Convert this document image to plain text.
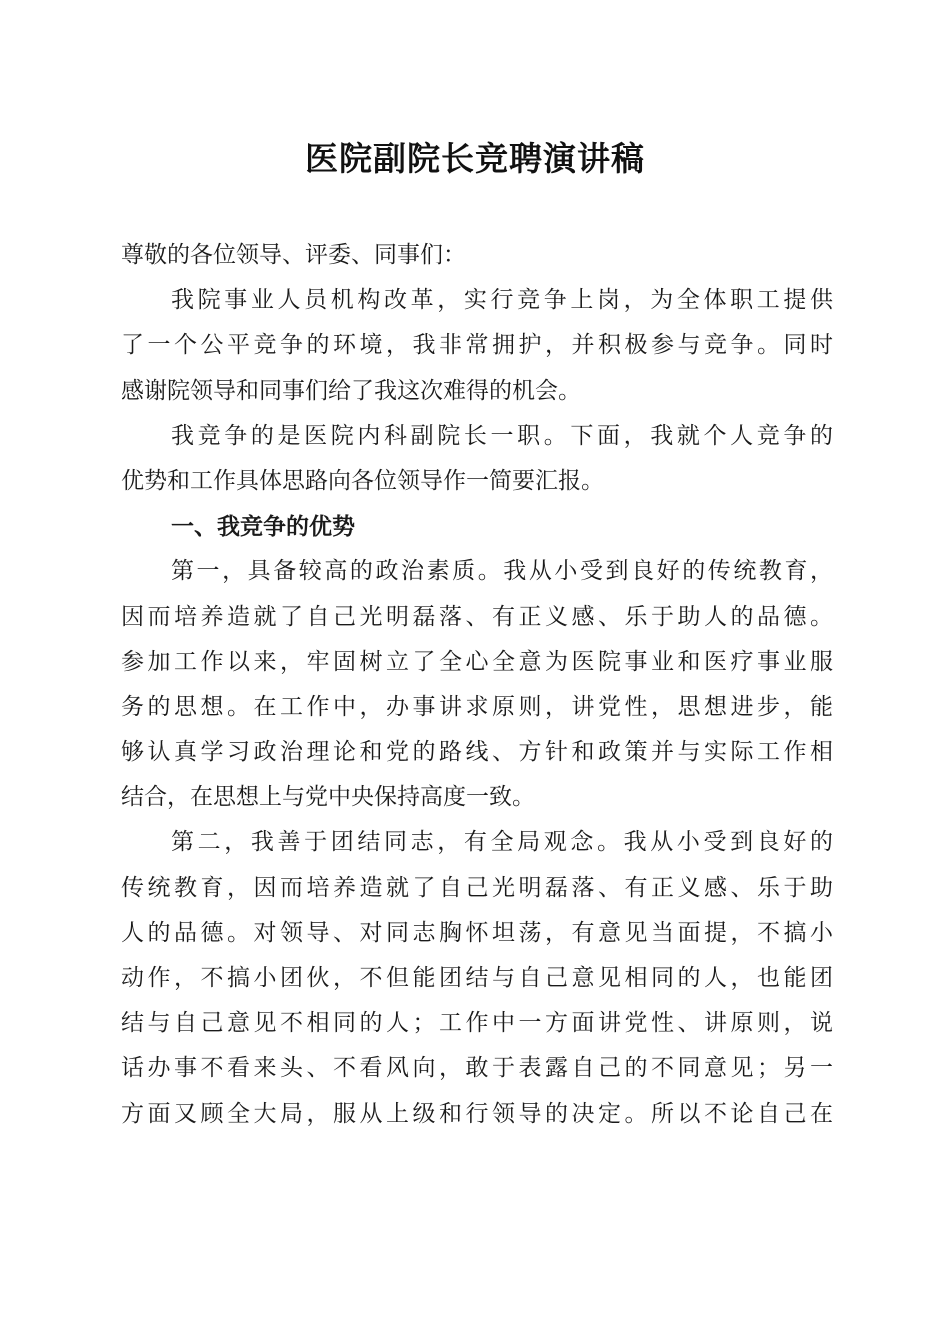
医院副院长竞聘演讲稿
尊敬的各位领导、评委、同事们：
我院事业人员机构改革，实行竞争上岗，为全体职工提供
了一个公平竞争的环境，我非常拥护，并积极参与竞争。同时
感谢院领导和同事们给了我这次难得的机会。
我竞争的是医院内科副院长一职。下面，我就个人竞争的
优势和工作具体思路向各位领导作一简要汇报。
一、我竞争的优势
第一，具备较高的政治素质。我从小受到良好的传统教育，
因而培养造就了自己光明磊落、有正义感、乐于助人的品德。
参加工作以来，牢固树立了全心全意为医院事业和医疗事业服
务的思想。在工作中，办事讲求原则，讲党性，思想进步，能
够认真学习政治理论和党的路线、方针和政策并与实际工作相
结合，在思想上与党中央保持高度一致。
第二，我善于团结同志，有全局观念。我从小受到良好的
传统教育，因而培养造就了自己光明磊落、有正义感、乐于助
人的品德。对领导、对同志胸怀坦荡，有意见当面提，不搞小
动作，不搞小团伙，不但能团结与自己意见相同的人，也能团
结与自己意见不相同的人；工作中一方面讲党性、讲原则，说
话办事不看来头、不看风向，敢于表露自己的不同意见；另一
方面又顾全大局，服从上级和行领导的决定。所以不论自己在
